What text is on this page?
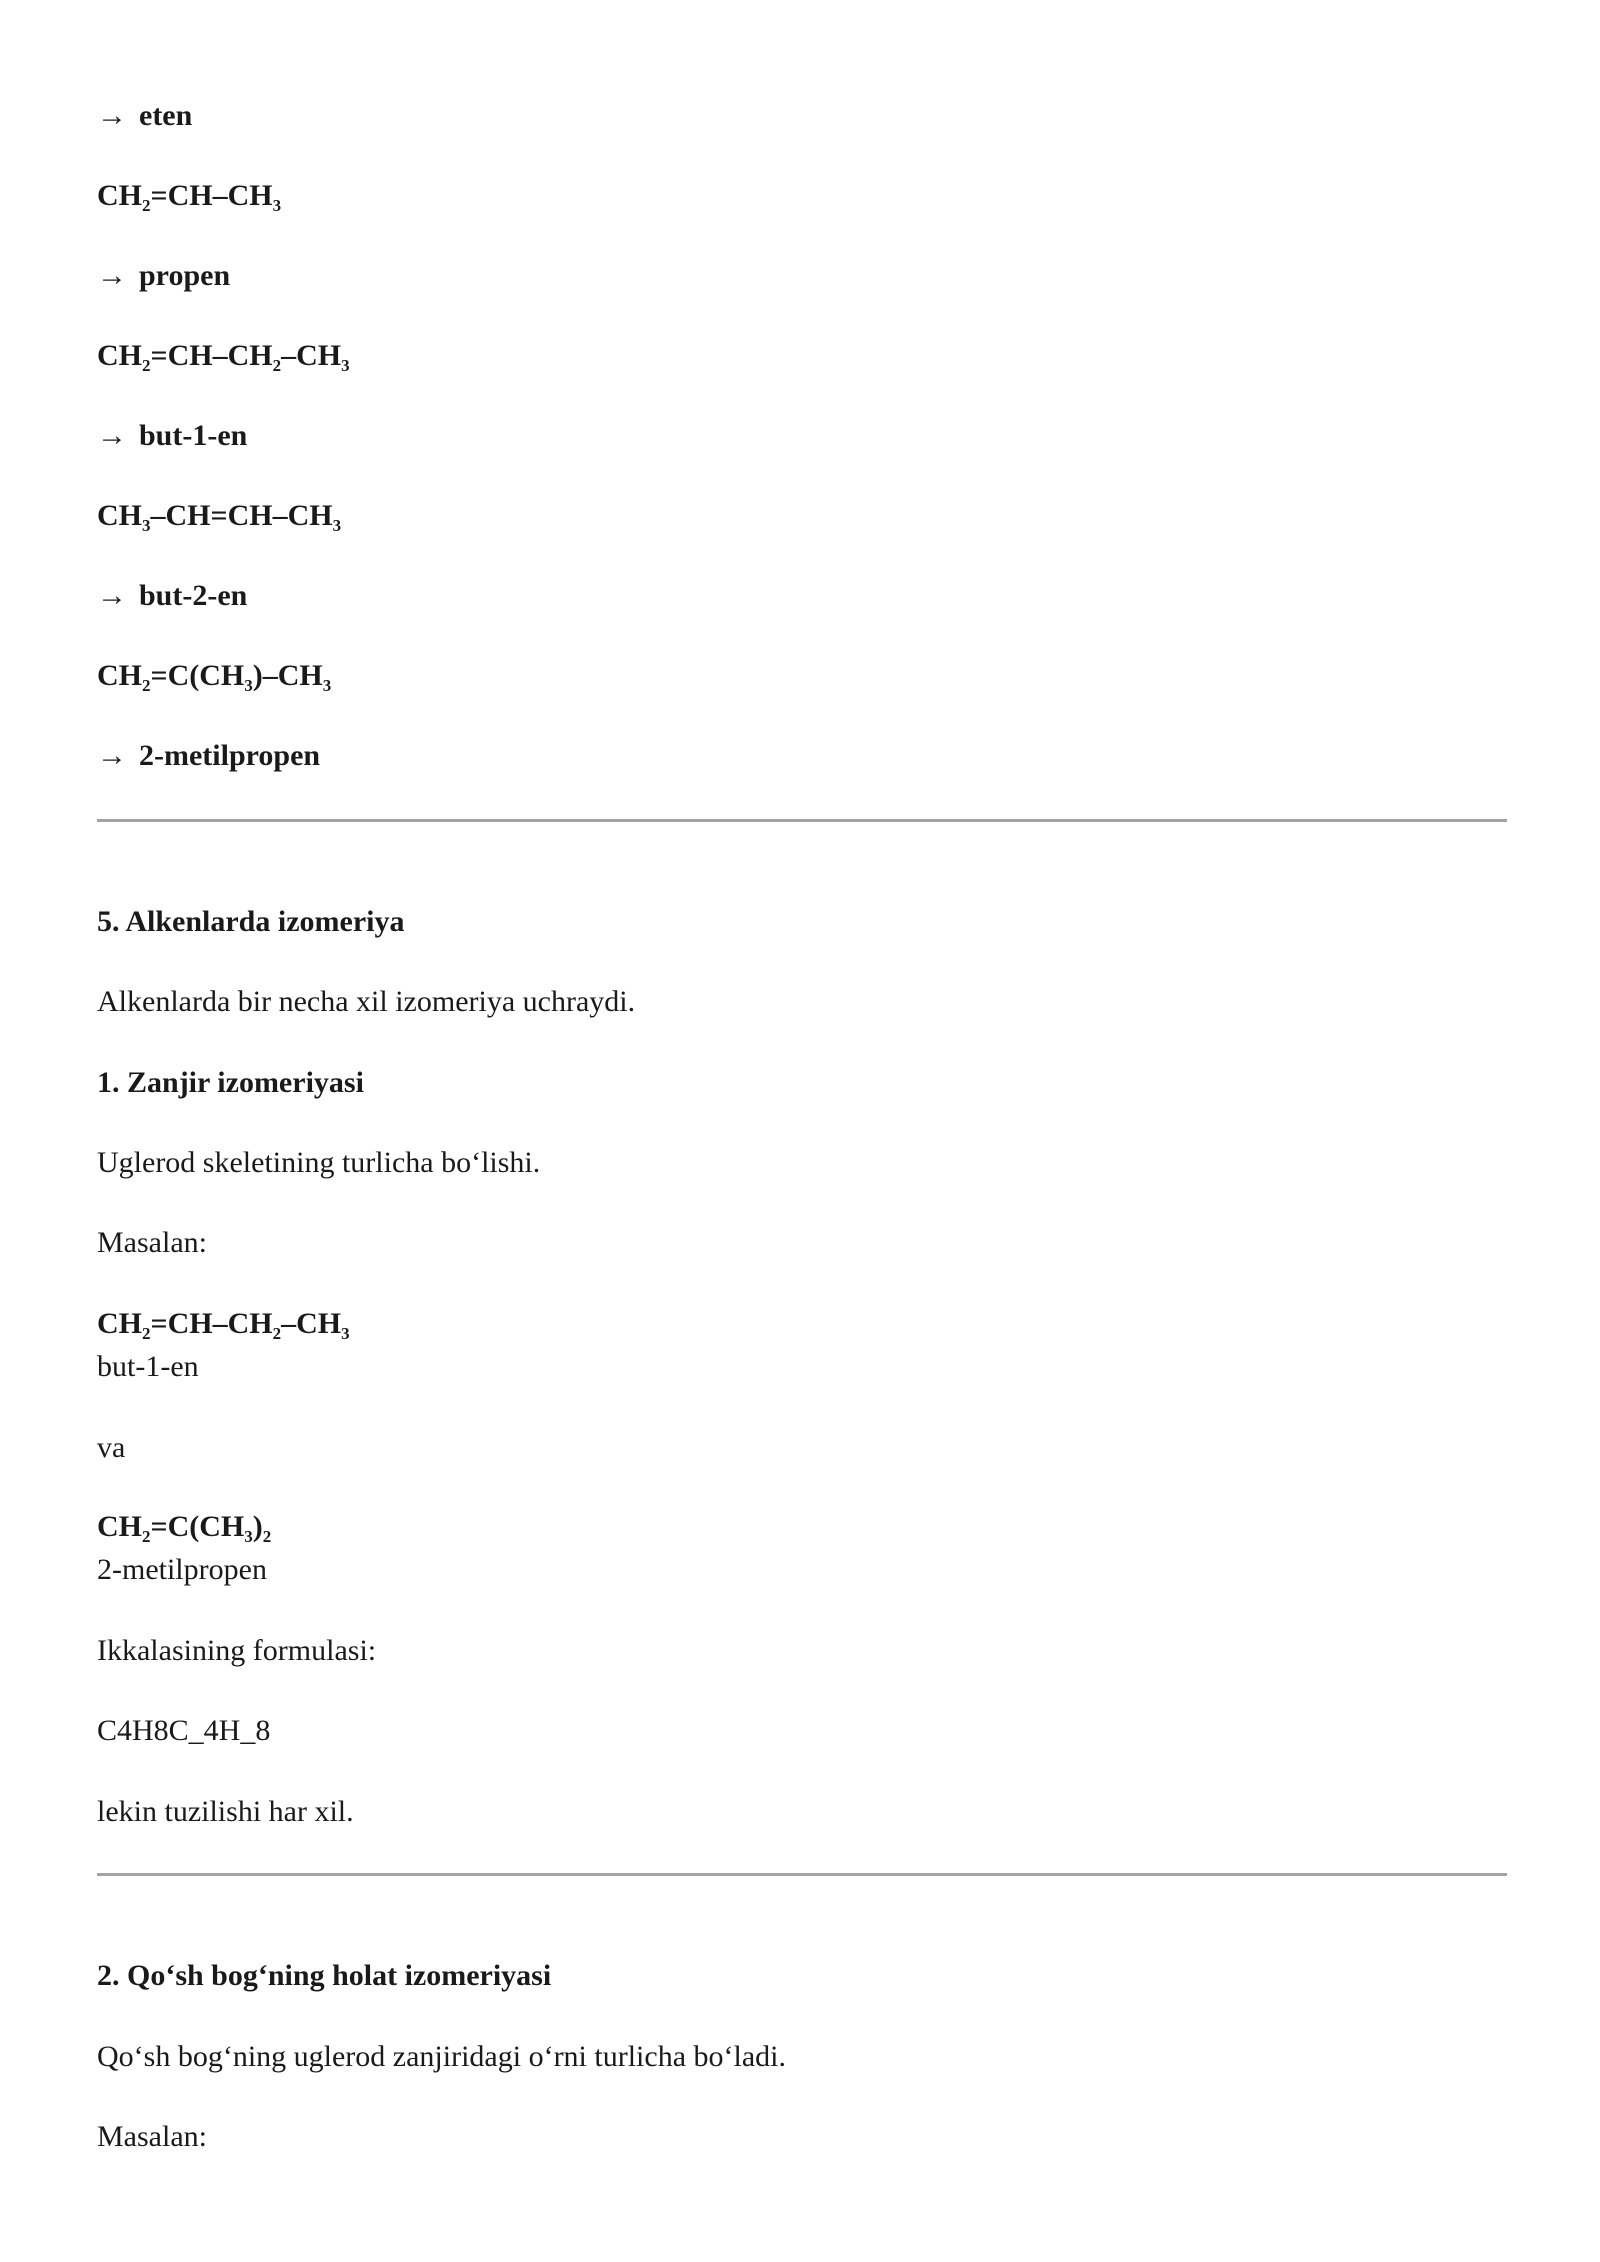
→ eten
$CH_2=CH-CH_3$
→ propen
$CH_2=CH-CH_2-CH_3$
→ but-1-en
$CH_3-CH=CH-CH_3$
→ but-2-en
$CH_2=C(CH_3)-CH_3$
→ 2-metilpropen
5. Alkenlarda izomeriya
Alkenlarda bir necha xil izomeriya uchraydi.
1. Zanjir izomeriyasi
Uglerod skeletining turlicha bo‘lishi.
Masalan:
$CH_2=CH-CH_2-CH_3$
but-1-en
va
$CH_2=C(CH_3)_2$
2-metilpropen
Ikkalasining formulasi:
C4H8C_4H_8
lekin tuzilishi har xil.
2. Qo‘sh bog‘ning holat izomeriyasi
Qo‘sh bog‘ning uglerod zanjiridagi o‘rni turlicha bo‘ladi.
Masalan:
